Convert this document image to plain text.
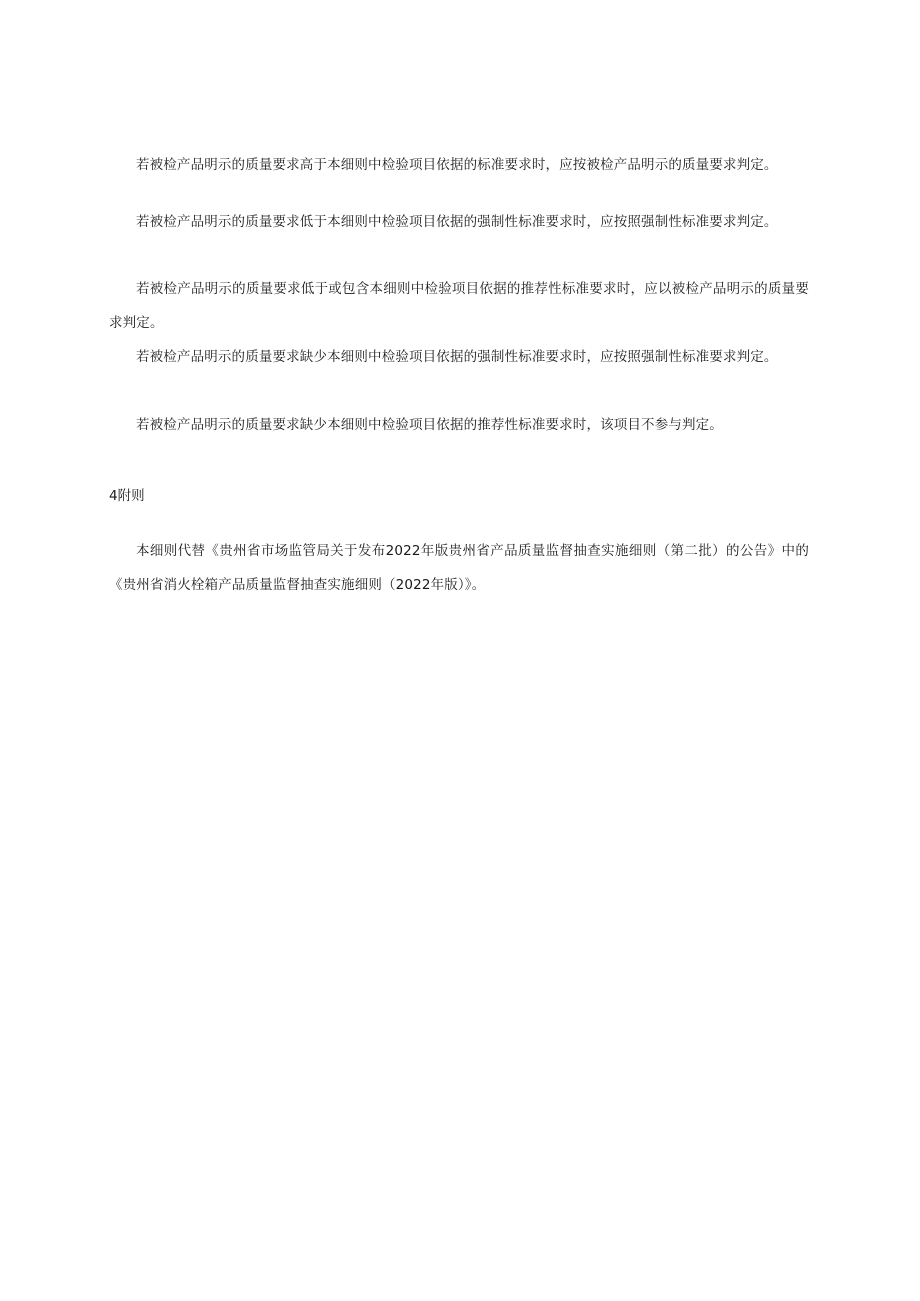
若被检产品明示的质量要求高于本细则中检验项目依据的标准要求时，应按被检产品明示的质量要求判定。

若被检产品明示的质量要求低于本细则中检验项目依据的强制性标准要求时，应按照强制性标准要求判定。

若被检产品明示的质量要求低于或包含本细则中检验项目依据的推荐性标准要求时，应以被检产品明示的质量要求判定。

若被检产品明示的质量要求缺少本细则中检验项目依据的强制性标准要求时，应按照强制性标准要求判定。

若被检产品明示的质量要求缺少本细则中检验项目依据的推荐性标准要求时，该项目不参与判定。

4附则

本细则代替《贵州省市场监管局关于发布2022年版贵州省产品质量监督抽查实施细则（第二批）的公告》中的《贵州省消火栓箱产品质量监督抽查实施细则（2022年版）》。
